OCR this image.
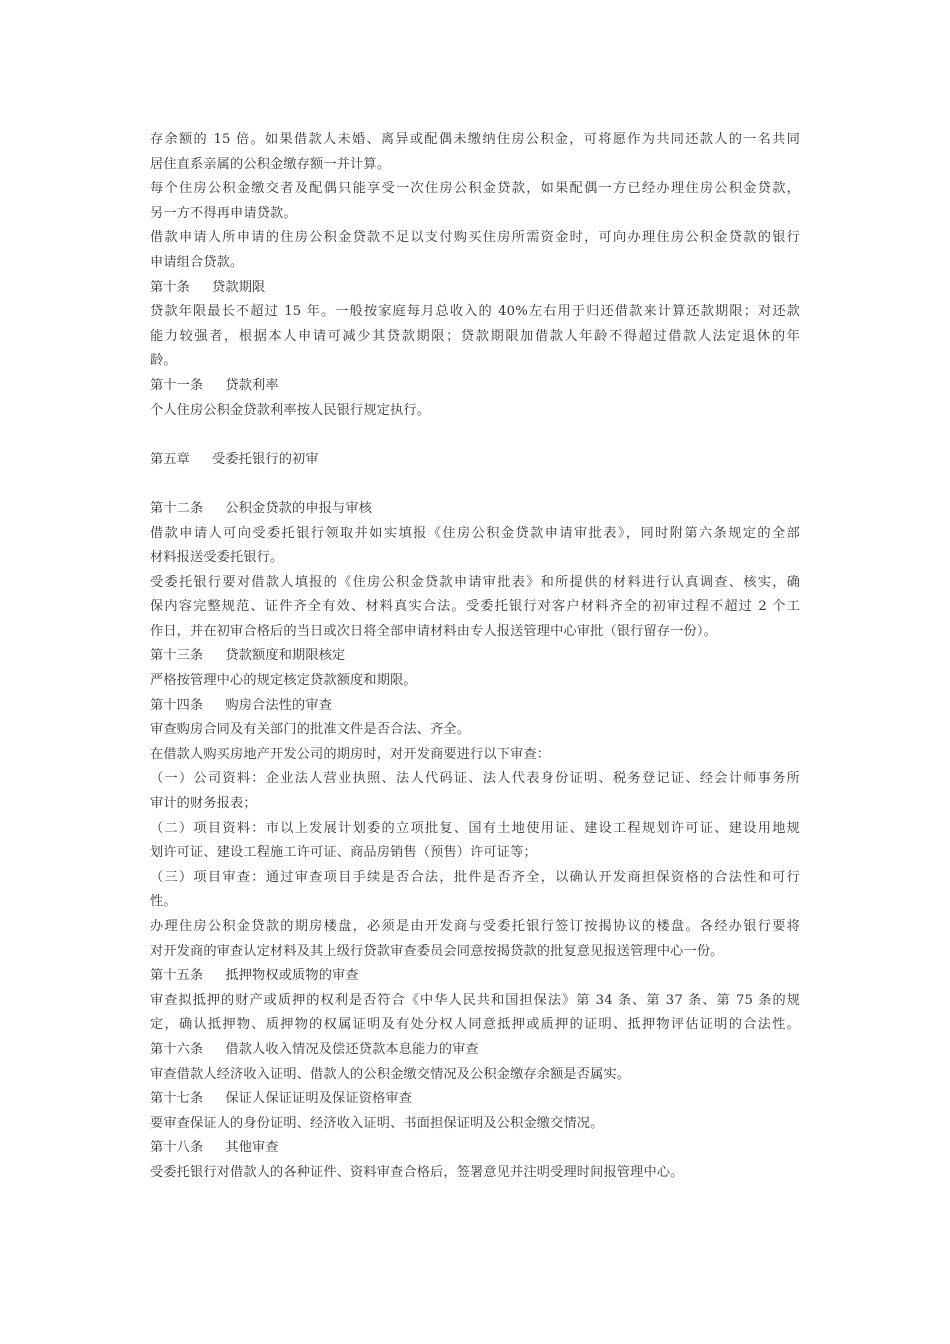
存余额的 15 倍。如果借款人未婚、离异或配偶未缴纳住房公积金，可将愿作为共同还款人的一名共同
居住直系亲属的公积金缴存额一并计算。
每个住房公积金缴交者及配偶只能享受一次住房公积金贷款，如果配偶一方已经办理住房公积金贷款，
另一方不得再申请贷款。
借款申请人所申请的住房公积金贷款不足以支付购买住房所需资金时，可向办理住房公积金贷款的银行
申请组合贷款。
第十条 贷款期限
贷款年限最长不超过 15 年。一般按家庭每月总收入的 40%左右用于归还借款来计算还款期限；对还款
能力较强者，根据本人申请可减少其贷款期限；贷款期限加借款人年龄不得超过借款人法定退休的年
龄。
第十一条 贷款利率
个人住房公积金贷款利率按人民银行规定执行。
第五章 受委托银行的初审
第十二条 公积金贷款的申报与审核
借款申请人可向受委托银行领取并如实填报《住房公积金贷款申请审批表》，同时附第六条规定的全部
材料报送受委托银行。
受委托银行要对借款人填报的《住房公积金贷款申请审批表》和所提供的材料进行认真调查、核实，确
保内容完整规范、证件齐全有效、材料真实合法。受委托银行对客户材料齐全的初审过程不超过 2 个工
作日，并在初审合格后的当日或次日将全部申请材料由专人报送管理中心审批（银行留存一份）。
第十三条 贷款额度和期限核定
严格按管理中心的规定核定贷款额度和期限。
第十四条 购房合法性的审查
审查购房合同及有关部门的批准文件是否合法、齐全。
在借款人购买房地产开发公司的期房时，对开发商要进行以下审查：
（一）公司资料：企业法人营业执照、法人代码证、法人代表身份证明、税务登记证、经会计师事务所
审计的财务报表；
（二）项目资料：市以上发展计划委的立项批复、国有土地使用证、建设工程规划许可证、建设用地规
划许可证、建设工程施工许可证、商品房销售（预售）许可证等；
（三）项目审查：通过审查项目手续是否合法，批件是否齐全，以确认开发商担保资格的合法性和可行
性。
办理住房公积金贷款的期房楼盘，必须是由开发商与受委托银行签订按揭协议的楼盘。各经办银行要将
对开发商的审查认定材料及其上级行贷款审查委员会同意按揭贷款的批复意见报送管理中心一份。
第十五条 抵押物权或质物的审查
审查拟抵押的财产或质押的权利是否符合《中华人民共和国担保法》第 34 条、第 37 条、第 75 条的规
定，确认抵押物、质押物的权属证明及有处分权人同意抵押或质押的证明、抵押物评估证明的合法性。
第十六条 借款人收入情况及偿还贷款本息能力的审查
审查借款人经济收入证明、借款人的公积金缴交情况及公积金缴存余额是否属实。
第十七条 保证人保证证明及保证资格审查
要审查保证人的身份证明、经济收入证明、书面担保证明及公积金缴交情况。
第十八条 其他审查
受委托银行对借款人的各种证件、资料审查合格后，签署意见并注明受理时间报管理中心。
